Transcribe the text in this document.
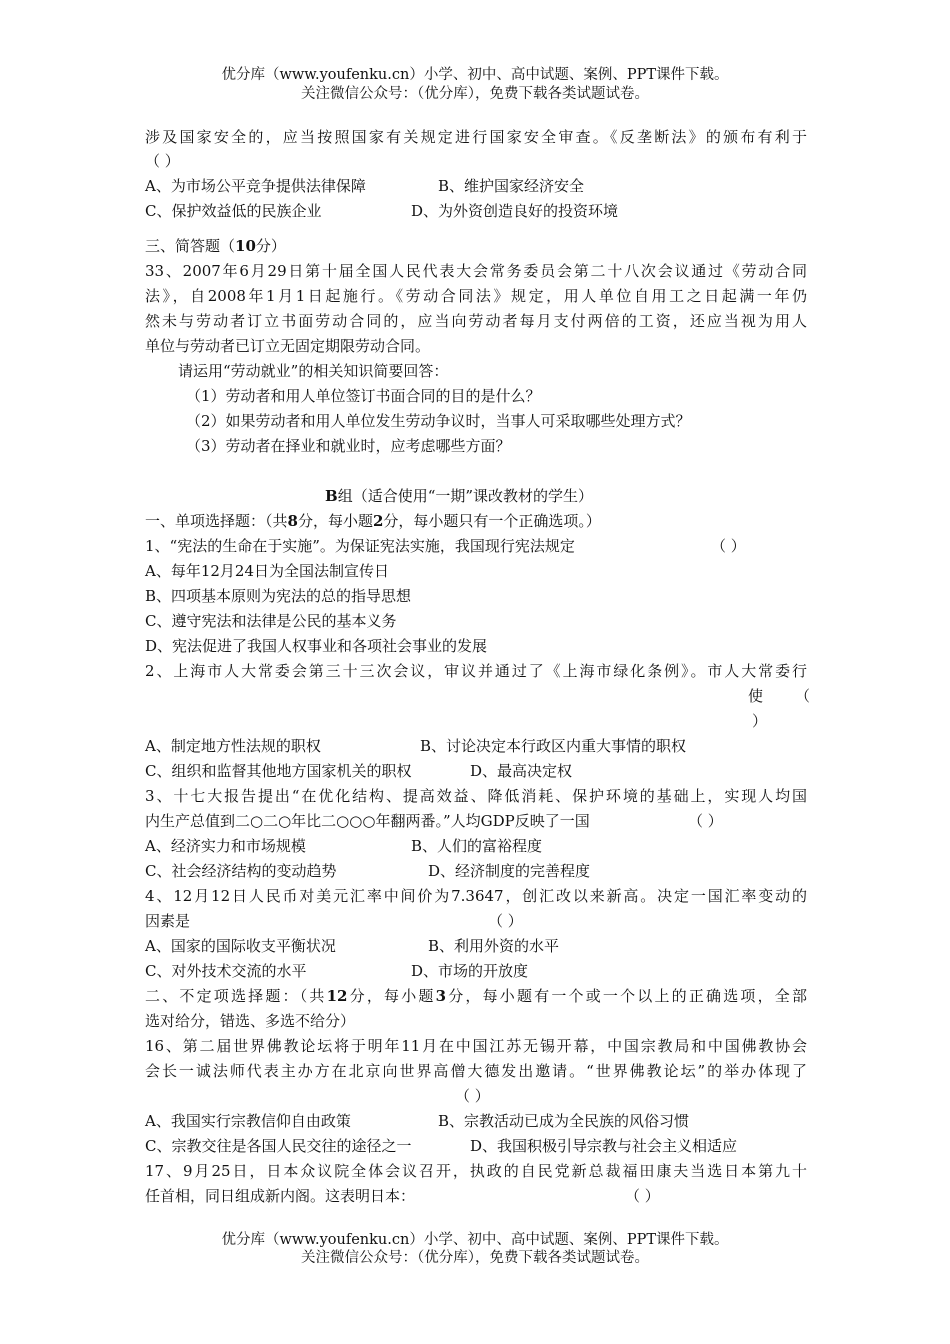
优分库（www.youfenku.cn）小学、初中、高中试题、案例、PPT课件下载。
关注微信公众号：（优分库），免费下载各类试题试卷。
涉及国家安全的，应当按照国家有关规定进行国家安全审查。《反垄断法》的颁布有利于
（ ）
A、为市场公平竞争提供法律保障	B、维护国家经济安全
C、保护效益低的民族企业	D、为外资创造良好的投资环境
三、简答题（10分）
33、2007年6月29日第十届全国人民代表大会常务委员会第二十八次会议通过《劳动合同
法》，自2008年1月1日起施行。《劳动合同法》规定，用人单位自用工之日起满一年仍
然未与劳动者订立书面劳动合同的，应当向劳动者每月支付两倍的工资，还应当视为用人
单位与劳动者已订立无固定期限劳动合同。
请运用“劳动就业”的相关知识简要回答：
（1）劳动者和用人单位签订书面合同的目的是什么？
（2）如果劳动者和用人单位发生劳动争议时，当事人可采取哪些处理方式？
（3）劳动者在择业和就业时，应考虑哪些方面？
B组（适合使用“一期”课改教材的学生）
一、单项选择题：（共8分，每小题2分，每小题只有一个正确选项。）
1、“宪法的生命在于实施”。为保证宪法实施，我国现行宪法规定	（ ）
A、每年12月24日为全国法制宣传日
B、四项基本原则为宪法的总的指导思想
C、遵守宪法和法律是公民的基本义务
D、宪法促进了我国人权事业和各项社会事业的发展
2、上海市人大常委会第三十三次会议，审议并通过了《上海市绿化条例》。市人大常委行
使 （
）
A、制定地方性法规的职权	B、讨论决定本行政区内重大事情的职权
C、组织和监督其他地方国家机关的职权	D、最高决定权
3、十七大报告提出“在优化结构、提高效益、降低消耗、保护环境的基础上，实现人均国
内生产总值到二○二○年比二○○○年翻两番。”人均GDP反映了一国	（ ）
A、经济实力和市场规模	B、人们的富裕程度
C、社会经济结构的变动趋势	D、经济制度的完善程度
4、12月12日人民币对美元汇率中间价为7.3647，创汇改以来新高。决定一国汇率变动的
因素是	（ ）
A、国家的国际收支平衡状况	B、利用外资的水平
C、对外技术交流的水平	D、市场的开放度
二、不定项选择题：（共12分，每小题3分，每小题有一个或一个以上的正确选项，全部
选对给分，错选、多选不给分）
16、第二届世界佛教论坛将于明年11月在中国江苏无锡开幕，中国宗教局和中国佛教协会
会长一诚法师代表主办方在北京向世界高僧大德发出邀请。“世界佛教论坛”的举办体现了
（ ）
A、我国实行宗教信仰自由政策	B、宗教活动已成为全民族的风俗习惯
C、宗教交往是各国人民交往的途径之一	D、我国积极引导宗教与社会主义相适应
17、9月25日，日本众议院全体会议召开，执政的自民党新总裁福田康夫当选日本第九十
任首相，同日组成新内阁。这表明日本：	（ ）
优分库（www.youfenku.cn）小学、初中、高中试题、案例、PPT课件下载。
关注微信公众号：（优分库），免费下载各类试题试卷。
